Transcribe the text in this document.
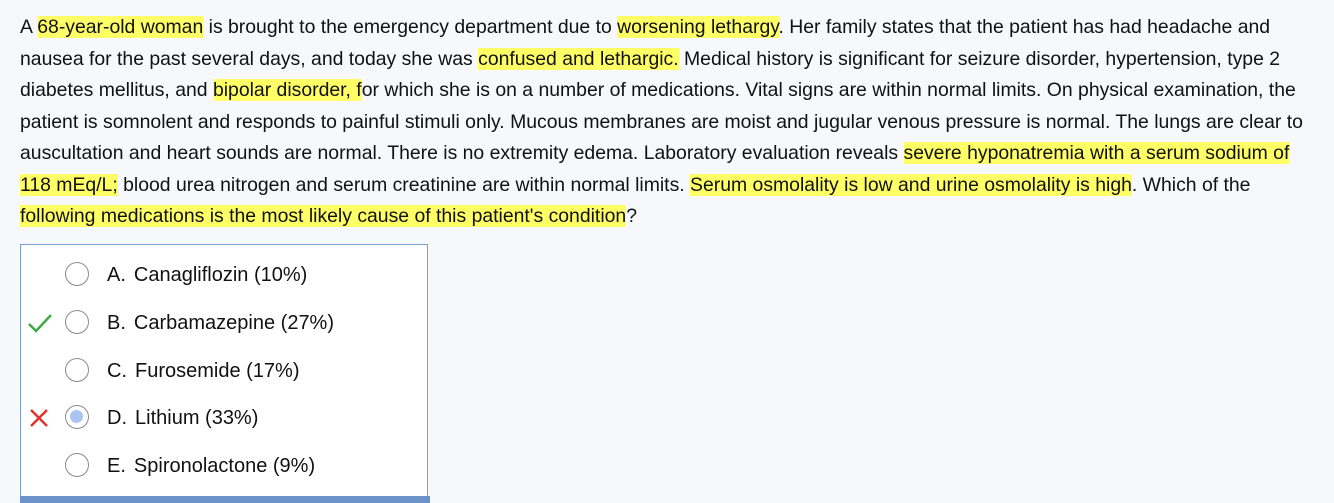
A 68-year-old woman is brought to the emergency department due to worsening lethargy. Her family states that the patient has had headache and nausea for the past several days, and today she was confused and lethargic. Medical history is significant for seizure disorder, hypertension, type 2 diabetes mellitus, and bipolar disorder, for which she is on a number of medications. Vital signs are within normal limits. On physical examination, the patient is somnolent and responds to painful stimuli only. Mucous membranes are moist and jugular venous pressure is normal. The lungs are clear to auscultation and heart sounds are normal. There is no extremity edema. Laboratory evaluation reveals severe hyponatremia with a serum sodium of 118 mEq/L; blood urea nitrogen and serum creatinine are within normal limits. Serum osmolality is low and urine osmolality is high. Which of the following medications is the most likely cause of this patient's condition?

A. Canagliflozin (10%)
B. Carbamazepine (27%)
C. Furosemide (17%)
D. Lithium (33%)
E. Spironolactone (9%)
